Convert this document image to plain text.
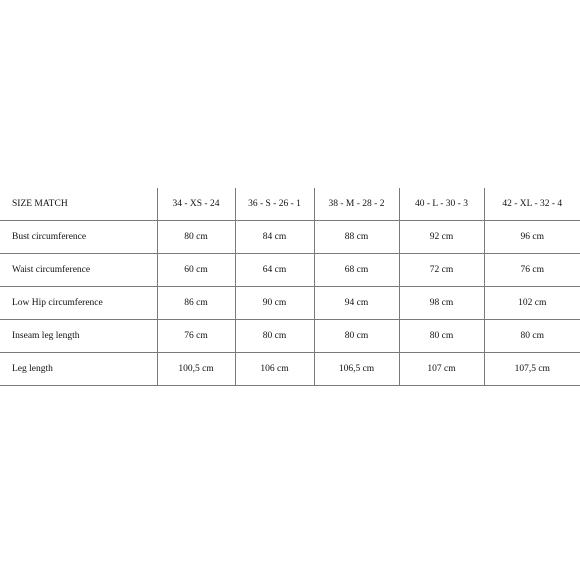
SIZE MATCH	34 - XS - 24	36 - S - 26 - 1	38 - M - 28 - 2	40 - L - 30 - 3	42 - XL - 32 - 4
Bust circumference	80 cm	84 cm	88 cm	92 cm	96 cm
Waist circumference	60 cm	64 cm	68 cm	72 cm	76 cm
Low Hip circumference	86 cm	90 cm	94 cm	98 cm	102 cm
Inseam leg length	76 cm	80 cm	80 cm	80 cm	80 cm
Leg length	100,5 cm	106 cm	106,5 cm	107 cm	107,5 cm
